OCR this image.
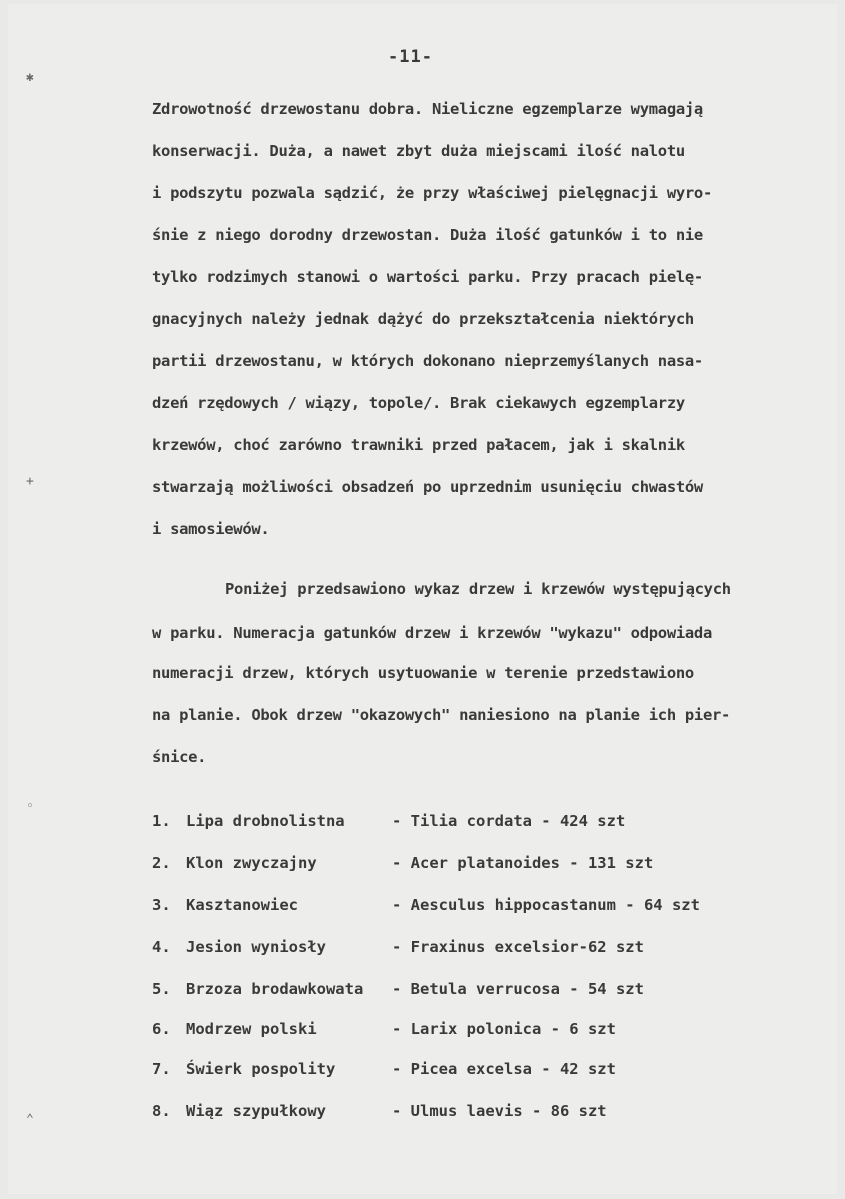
✱
+
◦
⌃
-11-
Zdrowotność drzewostanu dobra. Nieliczne egzemplarze wymagają
konserwacji. Duża, a nawet zbyt duża miejscami ilość nalotu
i podszytu pozwala sądzić, że przy właściwej pielęgnacji wyro-
śnie z niego dorodny drzewostan. Duża ilość gatunków i to nie
tylko rodzimych stanowi o wartości parku. Przy pracach pielę-
gnacyjnych należy jednak dążyć do przekształcenia niektórych
partii drzewostanu, w których dokonano nieprzemyślanych nasa-
dzeń rzędowych / wiązy, topole/. Brak ciekawych egzemplarzy
krzewów, choć zarówno trawniki przed pałacem, jak i skalnik
stwarzają możliwości obsadzeń po uprzednim usunięciu chwastów
i samosiewów.
Poniżej przedsawiono wykaz drzew i krzewów występujących
w parku. Numeracja gatunków drzew i krzewów "wykazu" odpowiada
numeracji drzew, których usytuowanie w terenie przedstawiono
na planie. Obok drzew "okazowych" naniesiono na planie ich pier-
śnice.
1. Lipa drobnolistna	- Tilia cordata - 424 szt
2. Klon zwyczajny	- Acer platanoides - 131 szt
3. Kasztanowiec	- Aesculus hippocastanum - 64 szt
4. Jesion wyniosły	- Fraxinus excelsior-62 szt
5. Brzoza brodawkowata - Betula verrucosa - 54 szt
6. Modrzew polski	- Larix polonica - 6 szt
7. Świerk pospolity	- Picea excelsa - 42 szt
8. Wiąz szypułkowy	- Ulmus laevis - 86 szt
